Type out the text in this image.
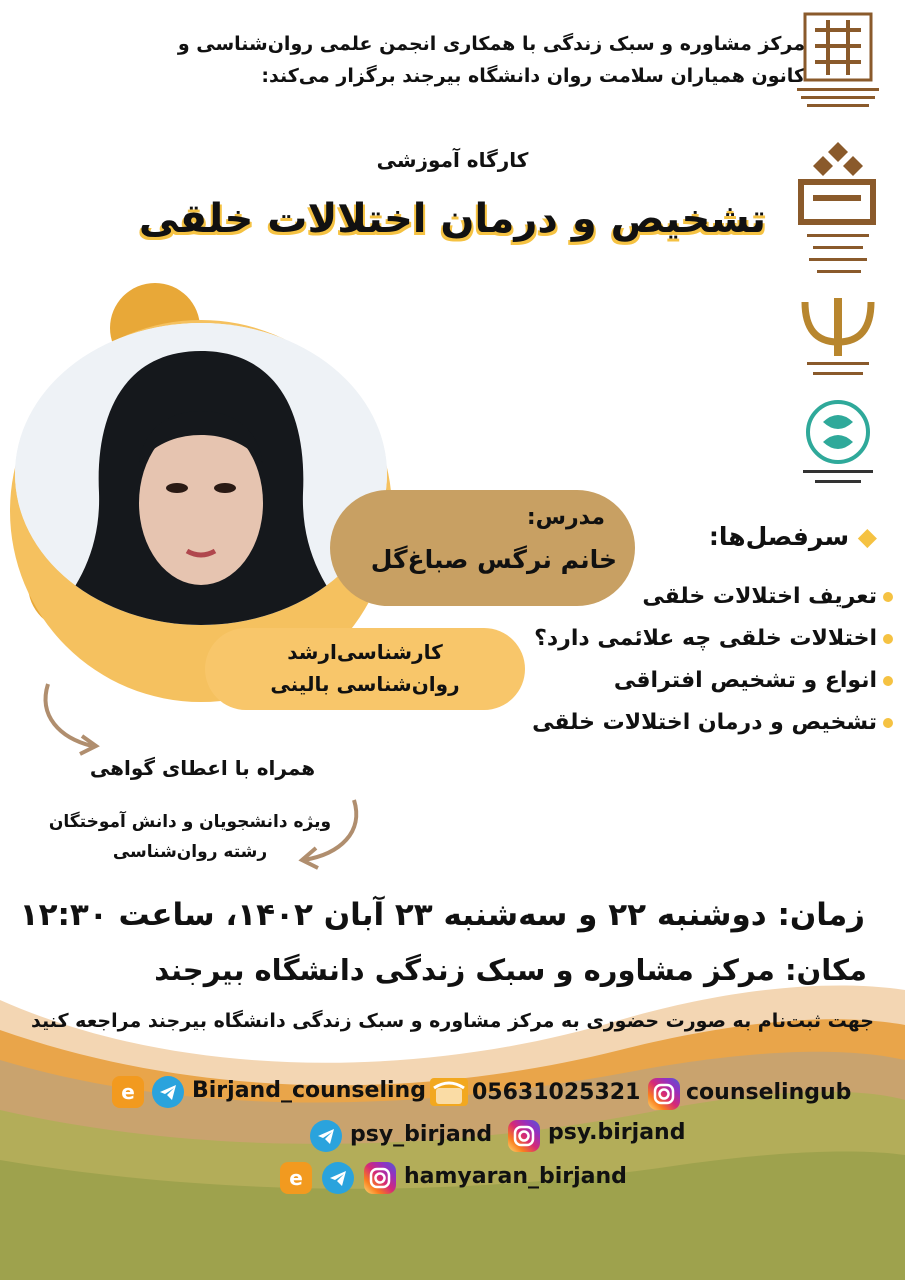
مرکز مشاوره و سبک زندگی با همکاری انجمن علمی روان‌شناسی و
کانون همیاران سلامت روان دانشگاه بیرجند برگزار می‌کند:
کارگاه آموزشی
تشخیص و درمان اختلالات خلقی
مدرس:
خانم نرگس صباغ‌گل
کارشناسی‌ارشد
روان‌شناسی بالینی
◆ سرفصل‌ها:
تعریف اختلالات خلقی
اختلالات خلقی چه علائمی دارد؟
انواع و تشخیص افتراقی
تشخیص و درمان اختلالات خلقی
همراه با اعطای گواهی
ویژه دانشجویان و دانش آموختگان
رشته روان‌شناسی
زمان: دوشنبه ۲۲ و سه‌شنبه ۲۳ آبان ۱۴۰۲، ساعت ۱۲:۳۰
مکان: مرکز مشاوره و سبک زندگی دانشگاه بیرجند
جهت ثبت‌نام به صورت حضوری به مرکز مشاوره و سبک زندگی دانشگاه بیرجند مراجعه کنید
e	Birjand_counseling 05631025321 counselingub
psy_birjand	psy.birjand
e	hamyaran_birjand
